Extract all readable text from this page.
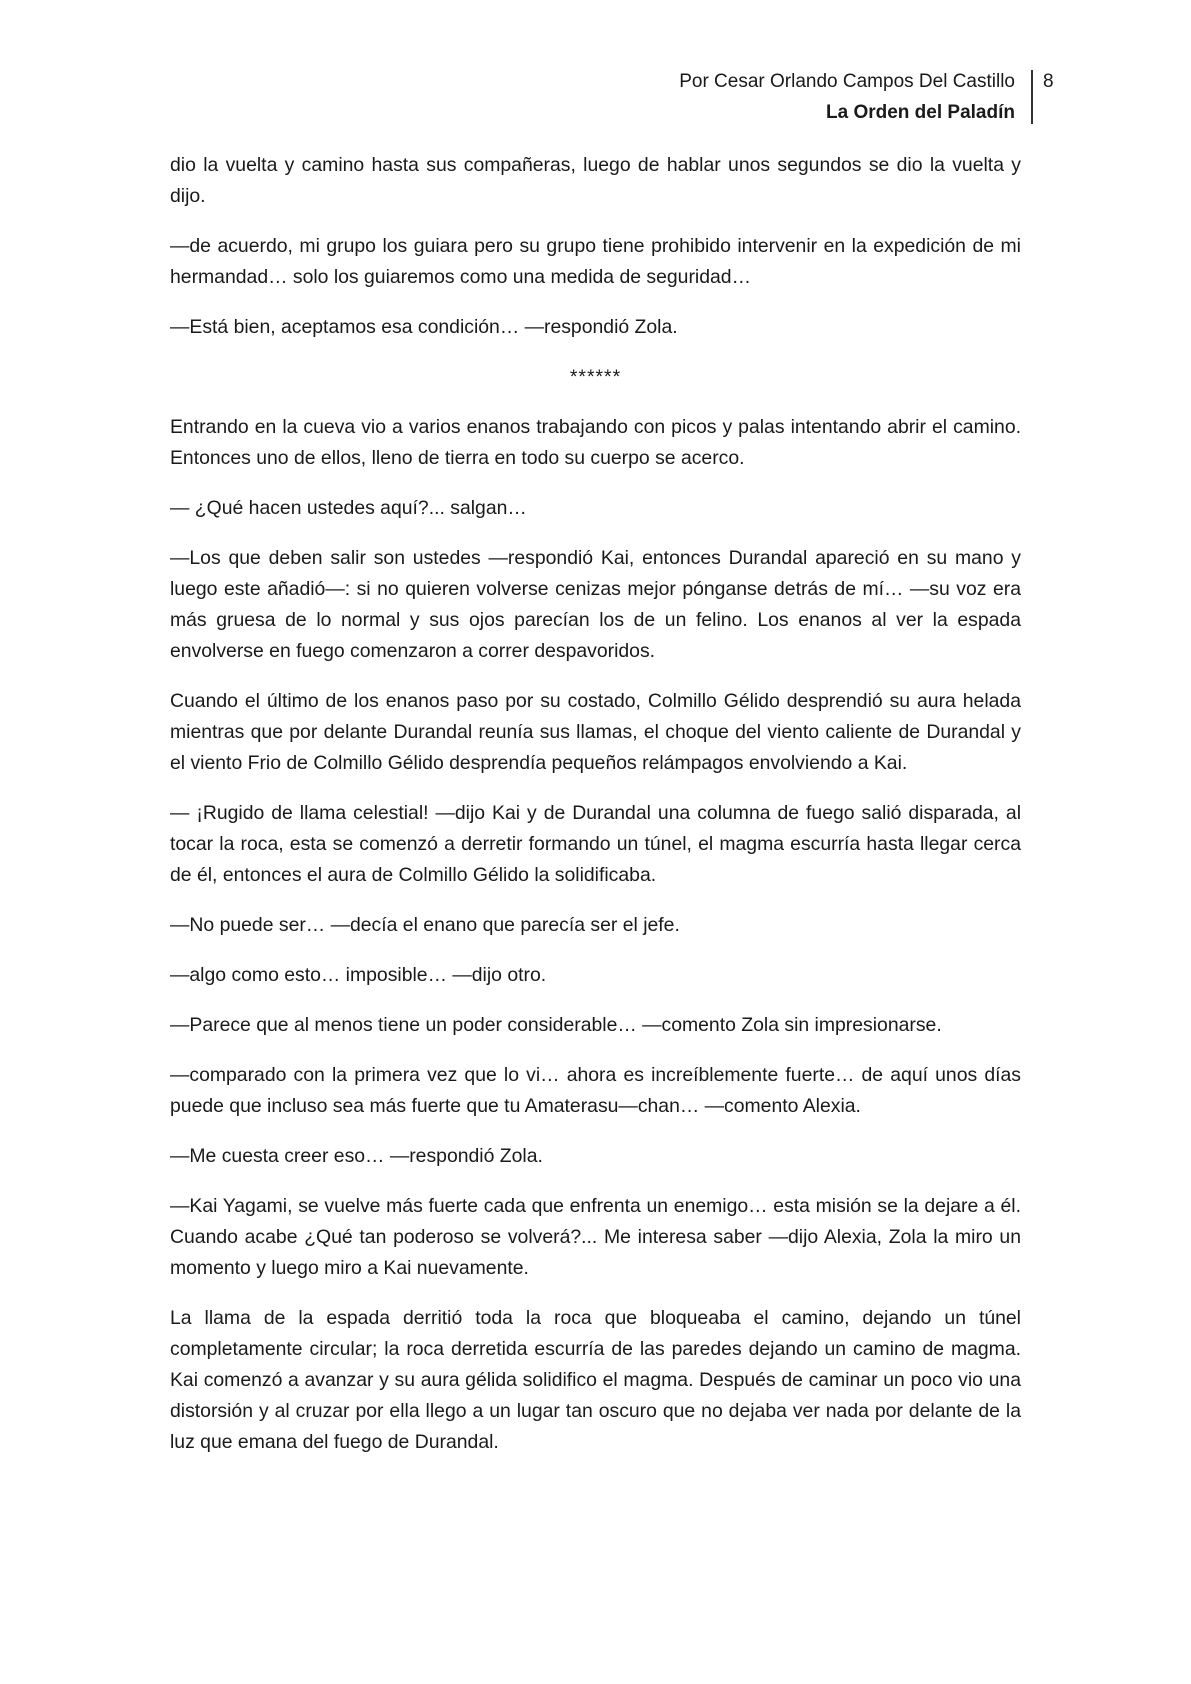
Por Cesar Orlando Campos Del Castillo
La Orden del Paladín
8

dio la vuelta y camino hasta sus compañeras, luego de hablar unos segundos se dio la vuelta y dijo.

—de acuerdo, mi grupo los guiara pero su grupo tiene prohibido intervenir en la expedición de mi hermandad… solo los guiaremos como una medida de seguridad…

—Está bien, aceptamos esa condición… —respondió Zola.

******

Entrando en la cueva vio a varios enanos trabajando con picos y palas intentando abrir el camino. Entonces uno de ellos, lleno de tierra en todo su cuerpo se acerco.

— ¿Qué hacen ustedes aquí?... salgan…

—Los que deben salir son ustedes —respondió Kai, entonces Durandal apareció en su mano y luego este añadió—: si no quieren volverse cenizas mejor pónganse detrás de mí… —su voz era más gruesa de lo normal y sus ojos parecían los de un felino. Los enanos al ver la espada envolverse en fuego comenzaron a correr despavoridos.

Cuando el último de los enanos paso por su costado, Colmillo Gélido desprendió su aura helada mientras que por delante Durandal reunía sus llamas, el choque del viento caliente de Durandal y el viento Frio de Colmillo Gélido desprendía pequeños relámpagos envolviendo a Kai.

— ¡Rugido de llama celestial! —dijo Kai y de Durandal una columna de fuego salió disparada, al tocar la roca, esta se comenzó a derretir formando un túnel, el magma escurría hasta llegar cerca de él, entonces el aura de Colmillo Gélido la solidificaba.

—No puede ser… —decía el enano que parecía ser el jefe.

—algo como esto… imposible… —dijo otro.

—Parece que al menos tiene un poder considerable… —comento Zola sin impresionarse.

—comparado con la primera vez que lo vi… ahora es increíblemente fuerte… de aquí unos días puede que incluso sea más fuerte que tu Amaterasu—chan… —comento Alexia.

—Me cuesta creer eso… —respondió Zola.

—Kai Yagami, se vuelve más fuerte cada que enfrenta un enemigo… esta misión se la dejare a él. Cuando acabe ¿Qué tan poderoso se volverá?... Me interesa saber —dijo Alexia, Zola la miro un momento y luego miro a Kai nuevamente.

La llama de la espada derritió toda la roca que bloqueaba el camino, dejando un túnel completamente circular; la roca derretida escurría de las paredes dejando un camino de magma. Kai comenzó a avanzar y su aura gélida solidifico el magma. Después de caminar un poco vio una distorsión y al cruzar por ella llego a un lugar tan oscuro que no dejaba ver nada por delante de la luz que emana del fuego de Durandal.
